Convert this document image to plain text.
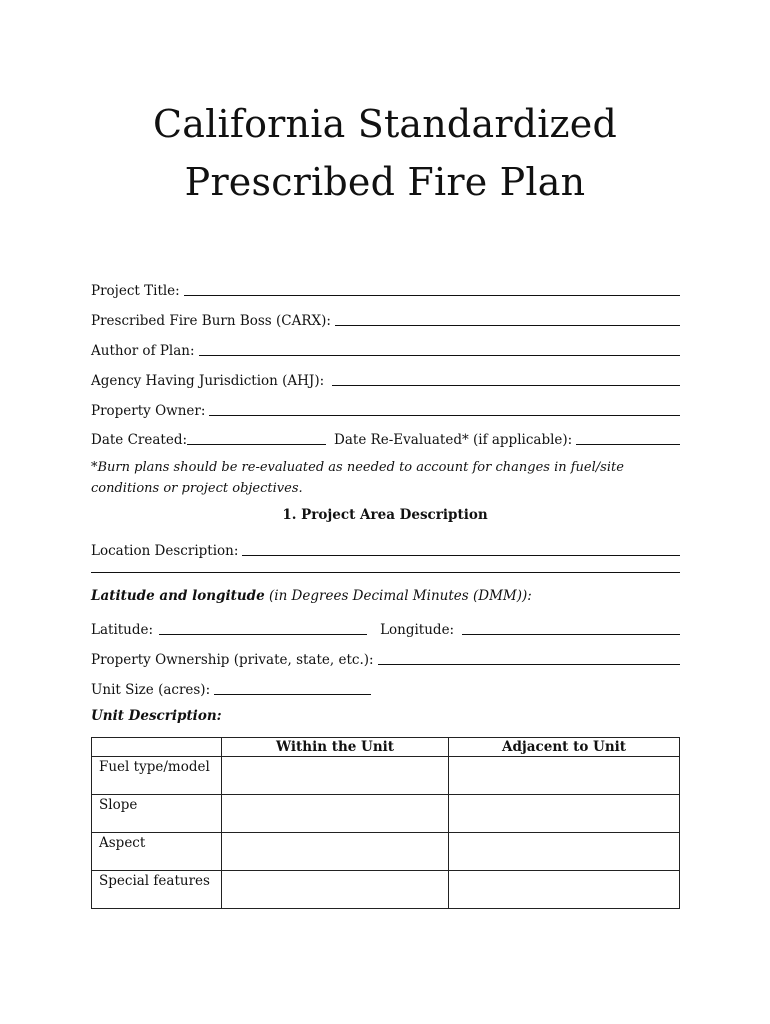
California Standardized
Prescribed Fire Plan
Project Title:
Prescribed Fire Burn Boss (CARX):
Author of Plan:
Agency Having Jurisdiction (AHJ):
Property Owner:
Date Created:	Date Re-Evaluated* (if applicable):
*Burn plans should be re-evaluated as needed to account for changes in fuel/site conditions or project objectives.
1. Project Area Description
Location Description:
Latitude and longitude (in Degrees Decimal Minutes (DMM)):
Latitude:	Longitude:
Property Ownership (private, state, etc.):
Unit Size (acres):
Unit Description:
	Within the Unit	Adjacent to Unit
Fuel type/model		
Slope		
Aspect		
Special features		
